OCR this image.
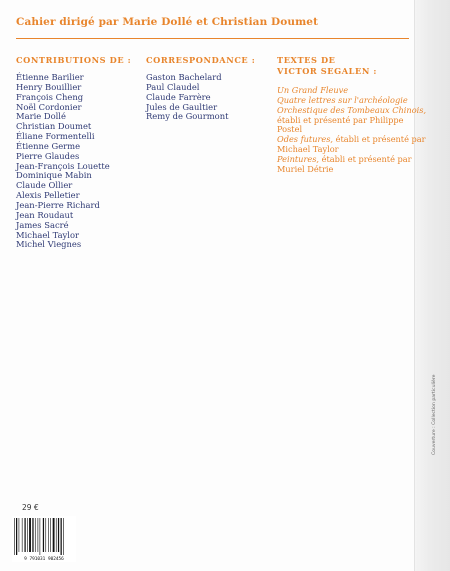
Cahier dirigé par Marie Dollé et Christian Doumet
CONTRIBUTIONS DE :
Étienne Barilier
Henry Bouillier
François Cheng
Noël Cordonier
Marie Dollé
Christian Doumet
Éliane Formentelli
Étienne Germe
Pierre Glaudes
Jean-François Louette
Dominique Mabin
Claude Ollier
Alexis Pelletier
Jean-Pierre Richard
Jean Roudaut
James Sacré
Michael Taylor
Michel Viegnes
CORRESPONDANCE :
Gaston Bachelard
Paul Claudel
Claude Farrère
Jules de Gaultier
Remy de Gourmont
TEXTES DE
VICTOR SEGALEN :

Un Grand Fleuve

Quatre lettres sur l'archéologie Orchestique des Tombeaux Chinois, établi et présenté par Philippe Postel

Odes futures, établi et présenté par Michael Taylor

Peintures, établi et présenté par Muriel Détrie

29 €
9 791031 902456
Couverture : Collection particulière
